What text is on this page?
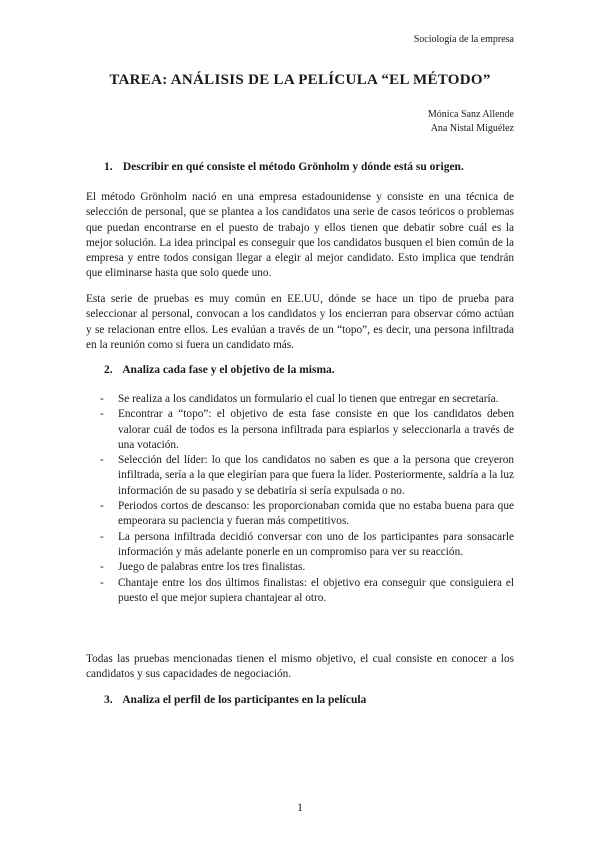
Sociología de la empresa
TAREA: ANÁLISIS DE LA PELÍCULA “EL MÉTODO”
Mónica Sanz Allende
Ana Nistal Miguélez
1. Describir en qué consiste el método Grönholm y dónde está su origen.

El método Grönholm nació en una empresa estadounidense y consiste en una técnica de selección de personal, que se plantea a los candidatos una serie de casos teóricos o problemas que puedan encontrarse en el puesto de trabajo y ellos tienen que debatir sobre cuál es la mejor solución. La idea principal es conseguir que los candidatos busquen el bien común de la empresa y entre todos consigan llegar a elegir al mejor candidato. Esto implica que tendrán que eliminarse hasta que solo quede uno.

Esta serie de pruebas es muy común en EE.UU, dónde se hace un tipo de prueba para seleccionar al personal, convocan a los candidatos y los encierran para observar cómo actúan y se relacionan entre ellos. Les evalúan a través de un “topo”, es decir, una persona infiltrada en la reunión como si fuera un candidato más.

2. Analiza cada fase y el objetivo de la misma.
- Se realiza a los candidatos un formulario el cual lo tienen que entregar en secretaría.
- Encontrar a “topo”: el objetivo de esta fase consiste en que los candidatos deben valorar cuál de todos es la persona infiltrada para espiarlos y seleccionarla a través de una votación.
- Selección del líder: lo que los candidatos no saben es que a la persona que creyeron infiltrada, sería a la que elegirían para que fuera la líder. Posteriormente, saldría a la luz información de su pasado y se debatiría si sería expulsada o no.
- Periodos cortos de descanso: les proporcionaban comida que no estaba buena para que empeorara su paciencia y fueran más competitivos.
- La persona infiltrada decidió conversar con uno de los participantes para sonsacarle información y más adelante ponerle en un compromiso para ver su reacción.
- Juego de palabras entre los tres finalistas.
- Chantaje entre los dos últimos finalistas: el objetivo era conseguir que consiguiera el puesto el que mejor supiera chantajear al otro.

Todas las pruebas mencionadas tienen el mismo objetivo, el cual consiste en conocer a los candidatos y sus capacidades de negociación.

3. Analiza el perfil de los participantes en la película
1
